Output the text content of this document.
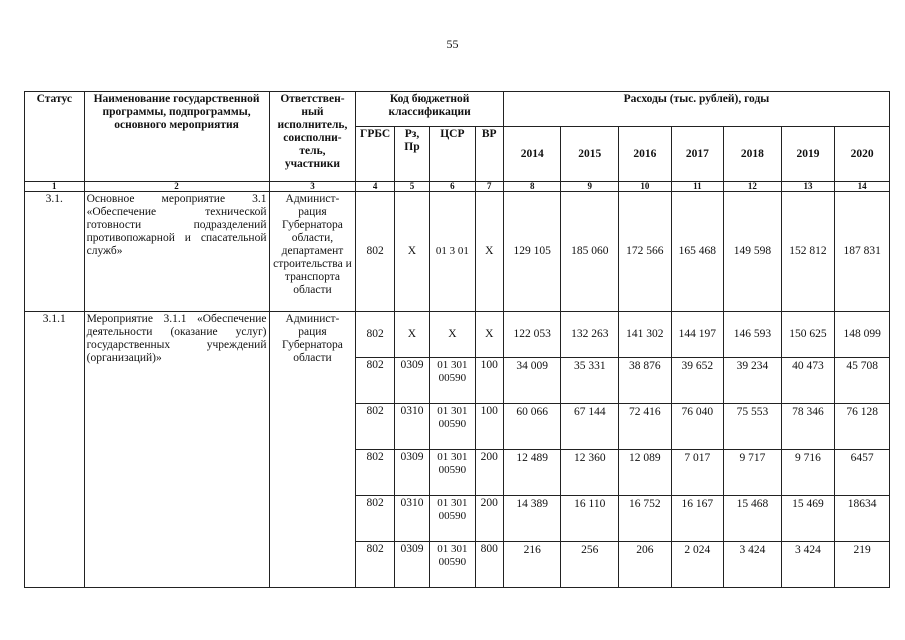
55
Статус	Наименование государственной программы, подпрограммы, основного мероприятия	Ответствен-ный исполнитель, соисполни-тель, участники	Код бюджетной классификации				Расходы (тыс. рублей), годы						
			ГРБС	Рз, Пр	ЦСР	ВР	2014	2015	2016	2017	2018	2019	2020
1	2	3	4	5	6	7	8	9	10	11	12	13	14
3.1.	Основное мероприятие 3.1 «Обеспечение технической готовности подразделений противопожарной и спасательной служб»	Админист-рация Губернатора области, департамент строительства и транспорта области	802	Х	01 3 01	Х	129 105	185 060	172 566	165 468	149 598	152 812	187 831
3.1.1	Мероприятие 3.1.1 «Обеспечение деятельности (оказание услуг) государственных учреждений (организаций)»	Админист-рация Губернатора области	802	Х	Х	Х	122 053	132 263	141 302	144 197	146 593	150 625	148 099
			802	0309	01 301 00590	100	34 009	35 331	38 876	39 652	39 234	40 473	45 708
			802	0310	01 301 00590	100	60 066	67 144	72 416	76 040	75 553	78 346	76 128
			802	0309	01 301 00590	200	12 489	12 360	12 089	7 017	9 717	9 716	6457
			802	0310	01 301 00590	200	14 389	16 110	16 752	16 167	15 468	15 469	18634
			802	0309	01 301 00590	800	216	256	206	2 024	3 424	3 424	219
